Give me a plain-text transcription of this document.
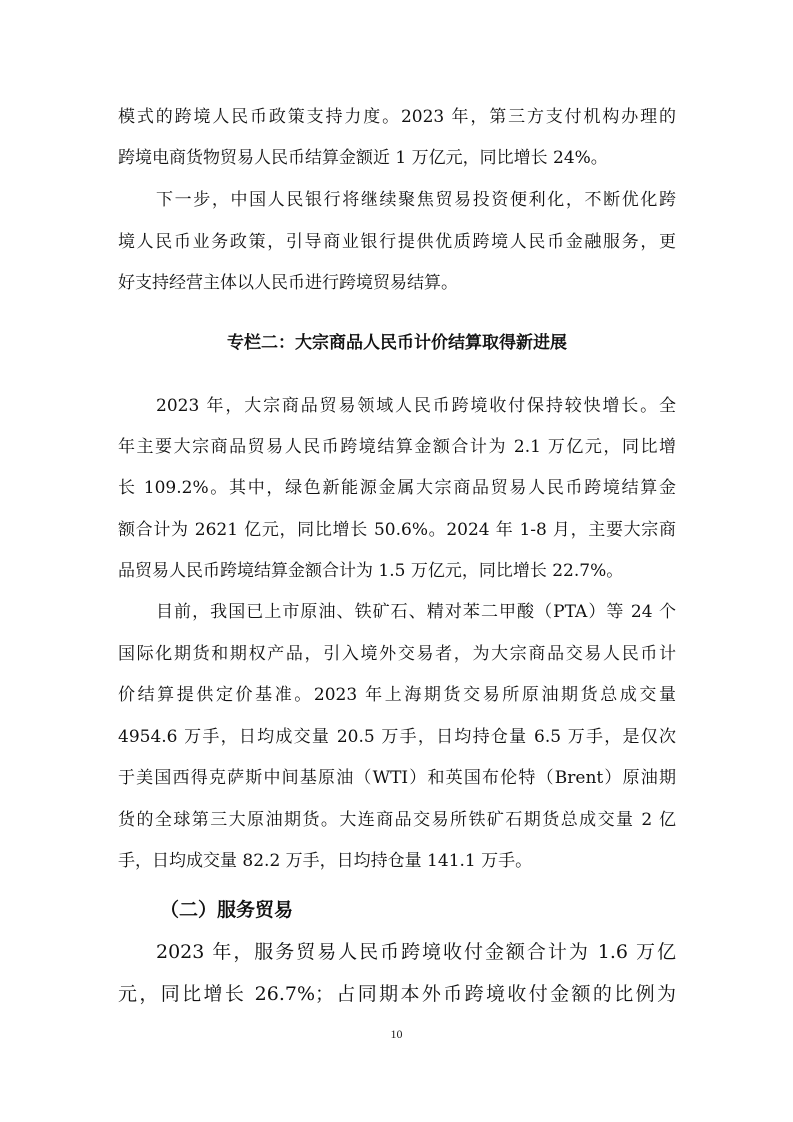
模式的跨境人民币政策支持力度。2023 年，第三方支付机构办理的

跨境电商货物贸易人民币结算金额近 1 万亿元，同比增长 24%。

下一步，中国人民银行将继续聚焦贸易投资便利化，不断优化跨

境人民币业务政策，引导商业银行提供优质跨境人民币金融服务，更

好支持经营主体以人民币进行跨境贸易结算。

专栏二：大宗商品人民币计价结算取得新进展

2023 年，大宗商品贸易领域人民币跨境收付保持较快增长。全

年主要大宗商品贸易人民币跨境结算金额合计为 2.1 万亿元，同比增

长 109.2%。其中，绿色新能源金属大宗商品贸易人民币跨境结算金

额合计为 2621 亿元，同比增长 50.6%。2024 年 1-8 月，主要大宗商

品贸易人民币跨境结算金额合计为 1.5 万亿元，同比增长 22.7%。

目前，我国已上市原油、铁矿石、精对苯二甲酸（PTA）等 24 个

国际化期货和期权产品，引入境外交易者，为大宗商品交易人民币计

价结算提供定价基准。2023 年上海期货交易所原油期货总成交量

4954.6 万手，日均成交量 20.5 万手，日均持仓量 6.5 万手，是仅次

于美国西得克萨斯中间基原油（WTI）和英国布伦特（Brent）原油期

货的全球第三大原油期货。大连商品交易所铁矿石期货总成交量 2 亿

手，日均成交量 82.2 万手，日均持仓量 141.1 万手。

（二）服务贸易

2023 年，服务贸易人民币跨境收付金额合计为 1.6 万亿

元，同比增长 26.7%；占同期本外币跨境收付金额的比例为

10
